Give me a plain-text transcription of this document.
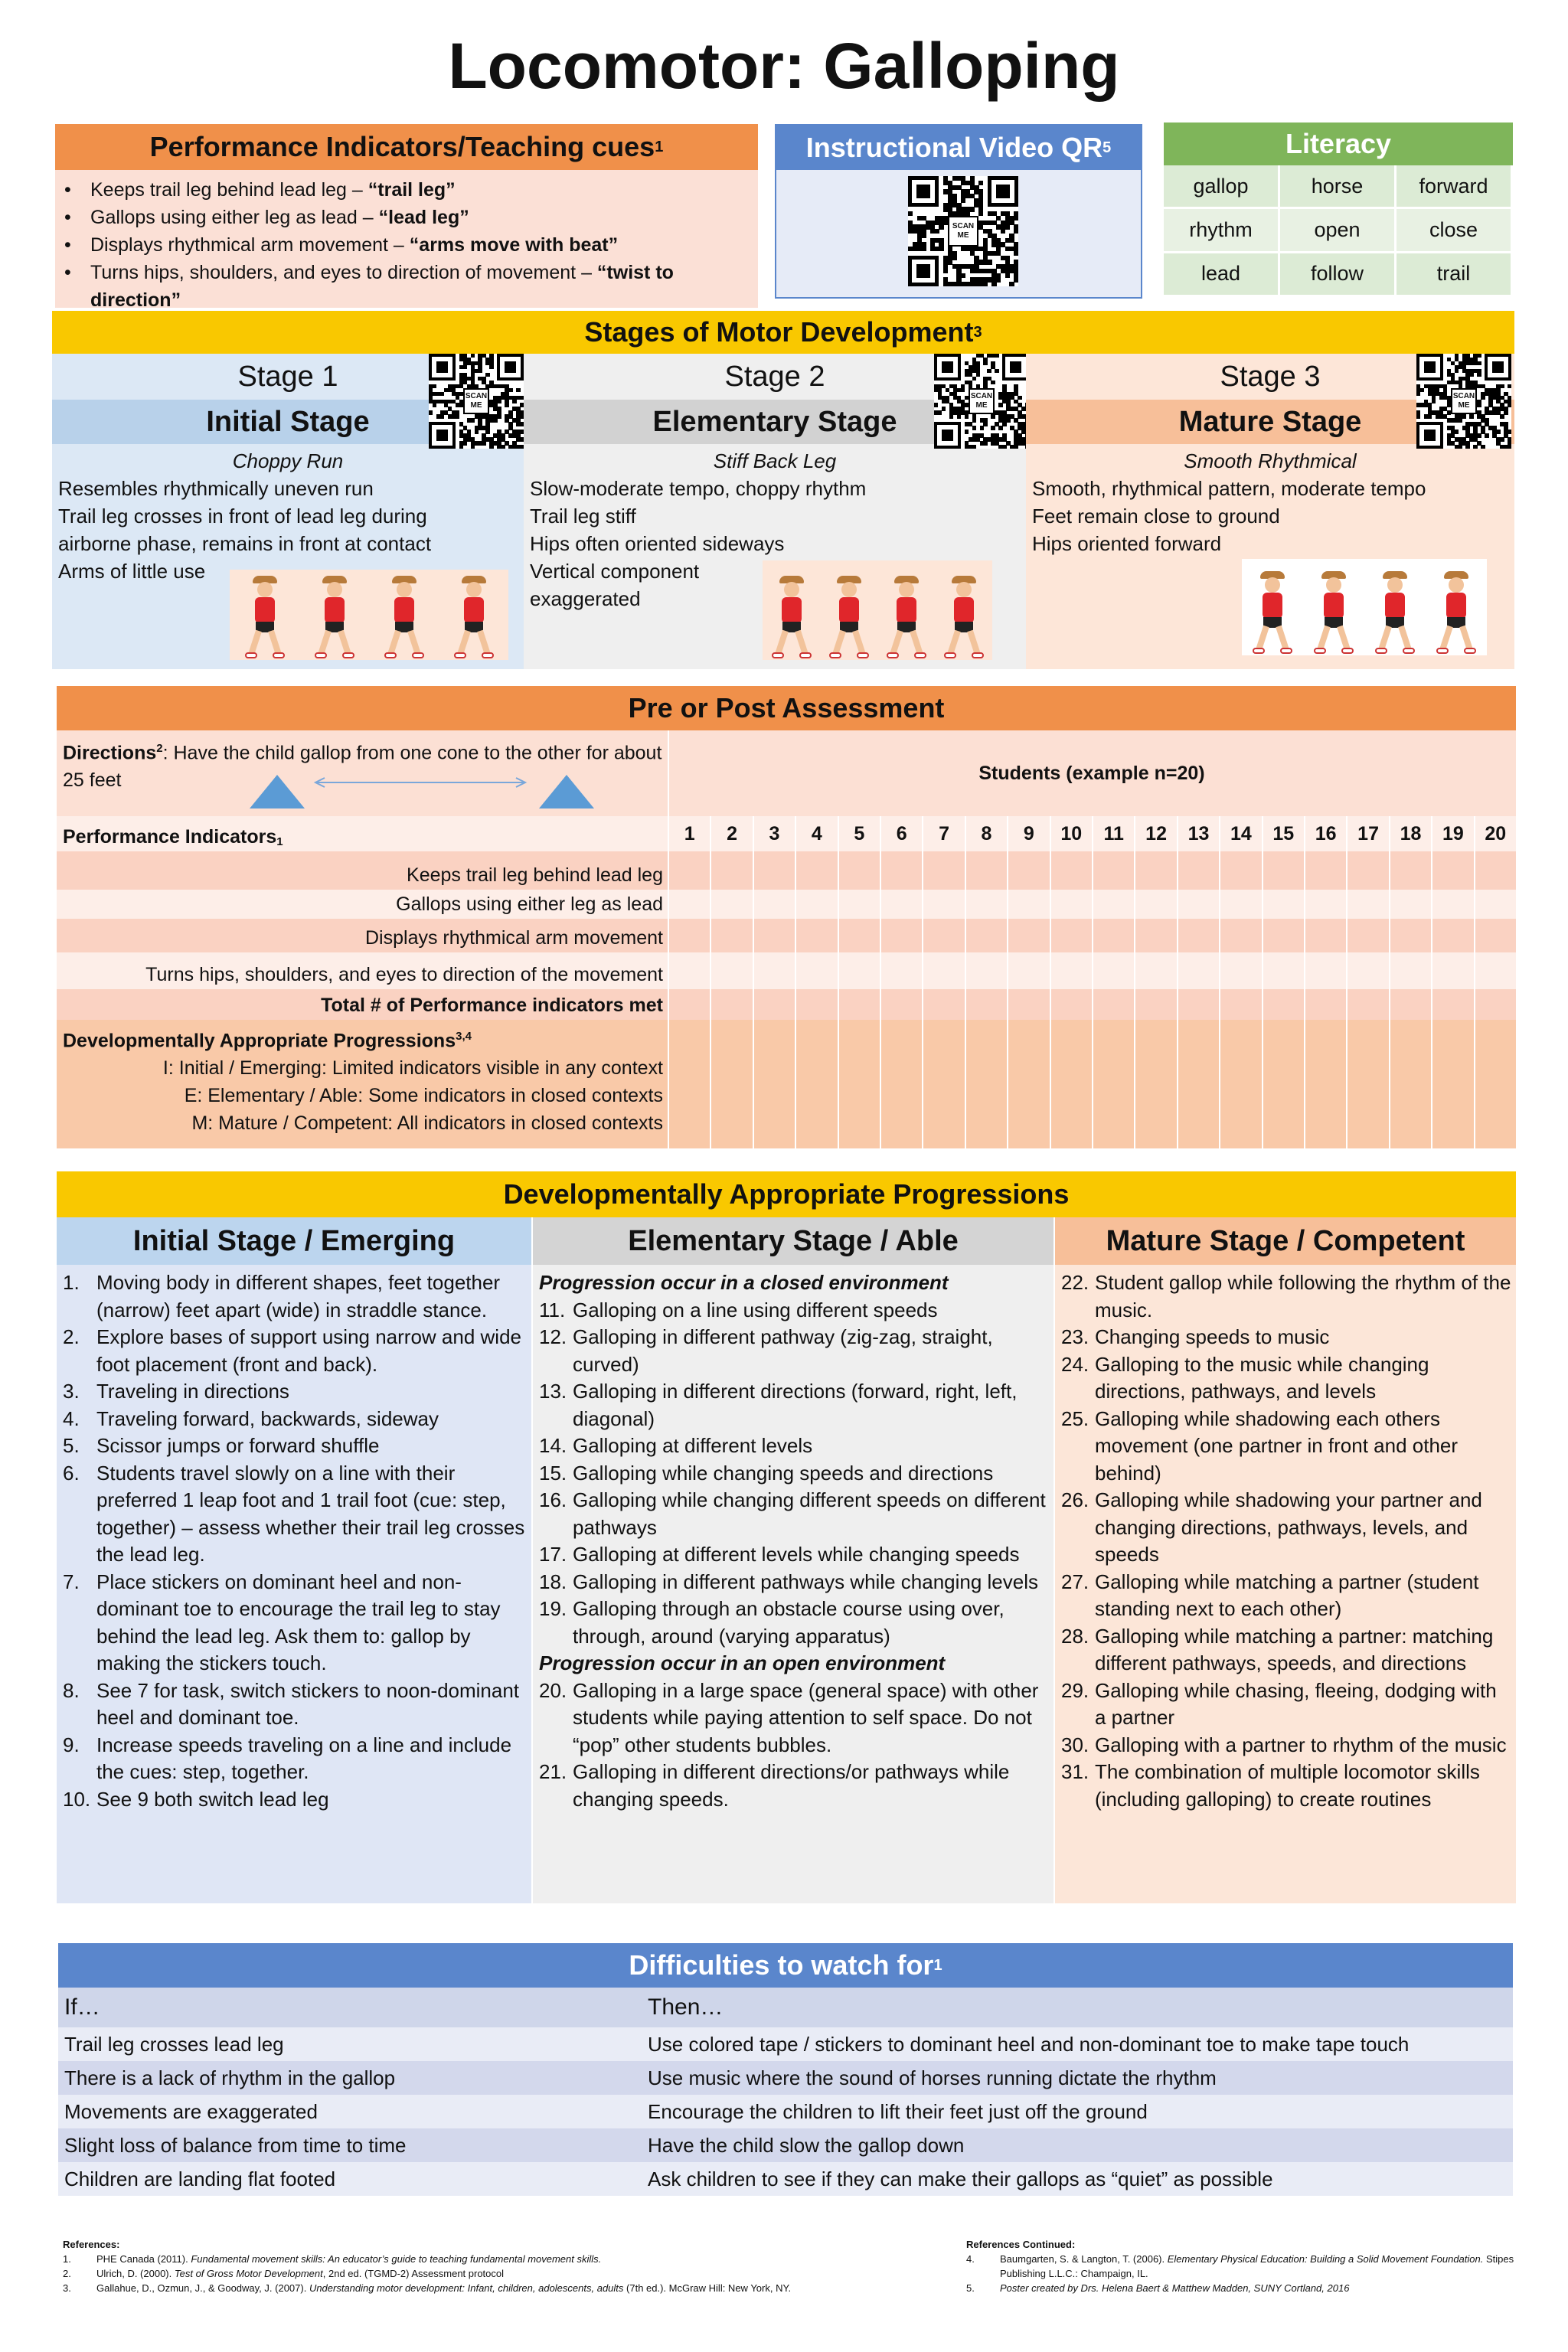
Locomotor: Galloping
Performance Indicators/Teaching cues 1
• Keeps trail leg behind lead leg – “trail leg”
• Gallops using either leg as lead – “lead leg”
• Displays rhythmical arm movement – “arms move with beat”
• Turns hips, shoulders, and eyes to direction of movement – “twist to direction”
Instructional Video QR 5
SCAN ME
Literacy
gallop	horse	forward
rhythm	open	close
lead	follow	trail
Stages of Motor Development 3
Stage 1
Initial Stage
Choppy Run
Resembles rhythmically uneven run
Trail leg crosses in front of lead leg during
airborne phase, remains in front at contact
Arms of little use
SCAN ME
Stage 2
Elementary Stage
Stiff Back Leg
Slow-moderate tempo, choppy rhythm
Trail leg stiff
Hips often oriented sideways
Vertical component
exaggerated
SCAN ME
Stage 3
Mature Stage
Smooth Rhythmical
Smooth, rhythmical pattern, moderate tempo
Feet remain close to ground
Hips oriented forward
SCAN ME
Pre or Post Assessment
Directions$^2$: Have the child gallop from one cone to the other for about 25 feet	Students (example n=20)
Performance Indicators$_1$	1	2	3	4	5	6	7	8	9	10	11	12	13	14	15	16	17	18	19	20
Keeps trail leg behind lead leg
Gallops using either leg as lead
Displays rhythmical arm movement
Turns hips, shoulders, and eyes to direction of the movement
Total # of Performance indicators met
Developmentally Appropriate Progressions$^{3,4}$
I: Initial / Emerging: Limited indicators visible in any context
E: Elementary / Able: Some indicators in closed contexts
M: Mature / Competent: All indicators in closed contexts
Developmentally Appropriate Progressions
Initial Stage / Emerging
1. Moving body in different shapes, feet together (narrow) feet apart (wide) in straddle stance.
2. Explore bases of support using narrow and wide foot placement (front and back).
3. Traveling in directions
4. Traveling forward, backwards, sideway
5. Scissor jumps or forward shuffle
6. Students travel slowly on a line with their preferred 1 leap foot and 1 trail foot (cue: step, together) – assess whether their trail leg crosses the lead leg.
7. Place stickers on dominant heel and non-dominant toe to encourage the trail leg to stay behind the lead leg. Ask them to: gallop by making the stickers touch.
8. See 7 for task, switch stickers to noon-dominant heel and dominant toe.
9. Increase speeds traveling on a line and include the cues: step, together.
10. See 9 both switch lead leg
Elementary Stage / Able
Progression occur in a closed environment
11. Galloping on a line using different speeds
12. Galloping in different pathway (zig-zag, straight, curved)
13. Galloping in different directions (forward, right, left, diagonal)
14. Galloping at different levels
15. Galloping while changing speeds and directions
16. Galloping while changing different speeds on different pathways
17. Galloping at different levels while changing speeds
18. Galloping in different pathways while changing levels
19. Galloping through an obstacle course using over, through, around (varying apparatus)
Progression occur in an open environment
20. Galloping in a large space (general space) with other students while paying attention to self space. Do not “pop” other students bubbles.
21. Galloping in different directions/or pathways while changing speeds.
Mature Stage / Competent
22. Student gallop while following the rhythm of the music.
23. Changing speeds to music
24. Galloping to the music while changing directions, pathways, and levels
25. Galloping while shadowing each others movement (one partner in front and other behind)
26. Galloping while shadowing your partner and changing directions, pathways, levels, and speeds
27. Galloping while matching a partner (student standing next to each other)
28. Galloping while matching a partner: matching different pathways, speeds, and directions
29. Galloping while chasing, fleeing, dodging with a partner
30. Galloping with a partner to rhythm of the music
31. The combination of multiple locomotor skills (including galloping) to create routines
Difficulties to watch for 1
If…	Then…
Trail leg crosses lead leg	Use colored tape / stickers to dominant heel and non-dominant toe to make tape touch
There is a lack of rhythm in the gallop	Use music where the sound of horses running dictate the rhythm
Movements are exaggerated	Encourage the children to lift their feet just off the ground
Slight loss of balance from time to time	Have the child slow the gallop down
Children are landing flat footed	Ask children to see if they can make their gallops as “quiet” as possible
References:
1.	PHE Canada (2011). Fundamental movement skills: An educator’s guide to teaching fundamental movement skills.
2.	Ulrich, D. (2000). Test of Gross Motor Development, 2nd ed. (TGMD-2) Assessment protocol
3.	Gallahue, D., Ozmun, J., & Goodway, J. (2007). Understanding motor development: Infant, children, adolescents, adults (7th ed.). McGraw Hill: New York, NY.
References Continued:
4.	Baumgarten, S. & Langton, T. (2006). Elementary Physical Education: Building a Solid Movement Foundation. Stipes Publishing L.L.C.: Champaign, IL.
5.	Poster created by Drs. Helena Baert & Matthew Madden, SUNY Cortland, 2016
